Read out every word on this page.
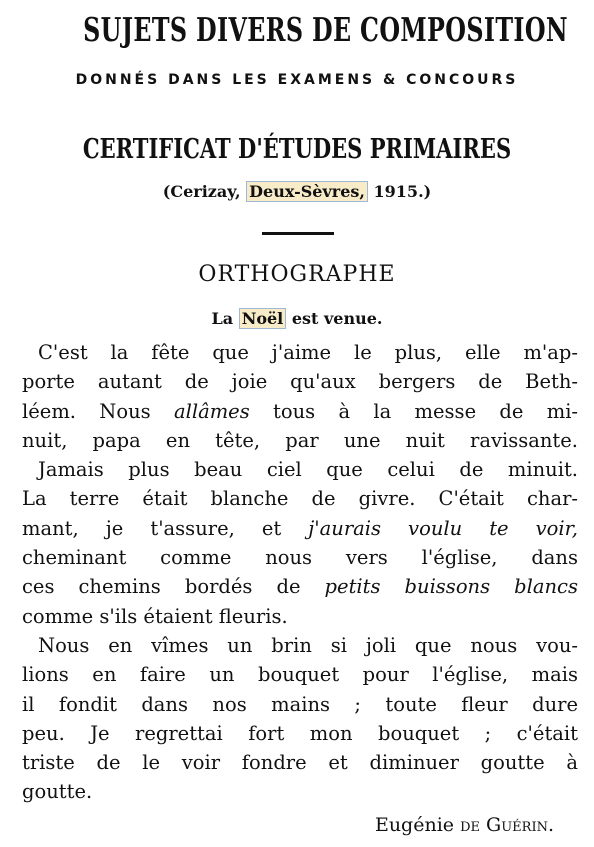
SUJETS DIVERS DE COMPOSITION
DONNÉS DANS LES EXAMENS & CONCOURS
CERTIFICAT D'ÉTUDES PRIMAIRES
(Cerizay, Deux-Sèvres, 1915.)
ORTHOGRAPHE
La Noël est venue.
C'est la fête que j'aime le plus, elle m'ap-
porte autant de joie qu'aux bergers de Beth-
léem. Nous allâmes tous à la messe de mi-
nuit, papa en tête, par une nuit ravissante.
Jamais plus beau ciel que celui de minuit.
La terre était blanche de givre. C'était char-
mant, je t'assure, et j'aurais voulu te voir,
cheminant comme nous vers l'église, dans
ces chemins bordés de petits buissons blancs
comme s'ils étaient fleuris.
Nous en vîmes un brin si joli que nous vou-
lions en faire un bouquet pour l'église, mais
il fondit dans nos mains ; toute fleur dure
peu. Je regrettai fort mon bouquet ; c'était
triste de le voir fondre et diminuer goutte à
goutte.
Eugénie de Guérin.
